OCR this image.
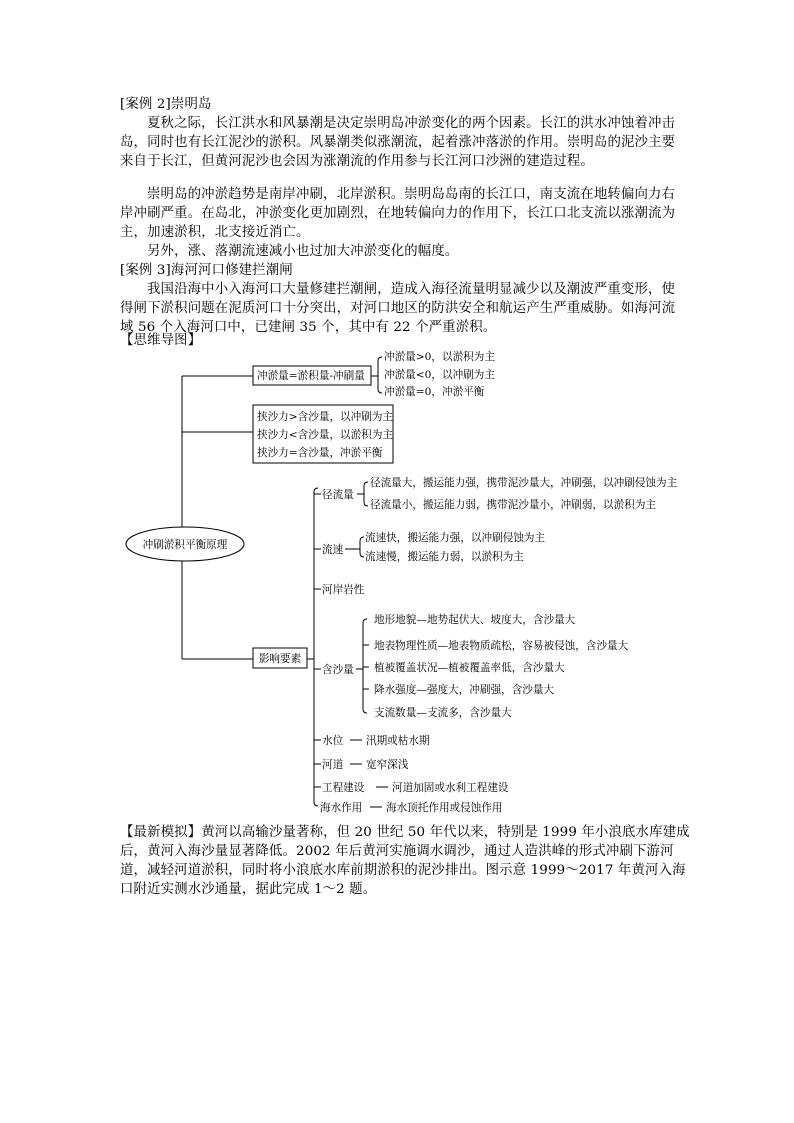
[案例 2]崇明岛

夏秋之际，长江洪水和风暴潮是决定崇明岛冲淤变化的两个因素。长江的洪水冲蚀着冲击岛，同时也有长江泥沙的淤积。风暴潮类似涨潮流，起着涨冲落淤的作用。崇明岛的泥沙主要来自于长江，但黄河泥沙也会因为涨潮流的作用参与长江河口沙洲的建造过程。

崇明岛的冲淤趋势是南岸冲刷，北岸淤积。崇明岛岛南的长江口，南支流在地转偏向力右岸冲刷严重。在岛北，冲淤变化更加剧烈，在地转偏向力的作用下，长江口北支流以涨潮流为主，加速淤积，北支接近消亡。

另外，涨、落潮流速减小也过加大冲淤变化的幅度。

[案例 3]海河河口修建拦潮闸

我国沿海中小入海河口大量修建拦潮闸，造成入海径流量明显减少以及潮波严重变形，使得闸下淤积问题在泥质河口十分突出，对河口地区的防洪安全和航运产生严重威胁。如海河流域 56 个入海河口中，已建闸 35 个，其中有 22 个严重淤积。

【思维导图】

冲刷淤积平衡原理
冲淤量=淤积量-冲刷量
冲淤量>0，以淤积为主
冲淤量<0，以冲刷为主
冲淤量=0，冲淤平衡
挟沙力>含沙量，以冲刷为主
挟沙力<含沙量，以淤积为主
挟沙力=含沙量，冲淤平衡
影响要素
径流量
径流量大，搬运能力强，携带泥沙量大，冲刷强，以冲刷侵蚀为主
径流量小，搬运能力弱，携带泥沙量小，冲刷弱，以淤积为主
流速
流速快，搬运能力强，以冲刷侵蚀为主
流速慢，搬运能力弱，以淤积为主
河岸岩性
含沙量
地形地貌—地势起伏大、坡度大，含沙量大
地表物理性质—地表物质疏松，容易被侵蚀，含沙量大
植被覆盖状况—植被覆盖率低，含沙量大
降水强度—强度大，冲刷强，含沙量大
支流数量—支流多，含沙量大
水位 汛期或枯水期
河道 宽窄深浅
工程建设	河道加固或水利工程建设
海水作用 海水顶托作用或侵蚀作用

【最新模拟】黄河以高输沙量著称，但 20 世纪 50 年代以来，特别是 1999 年小浪底水库建成后，黄河入海沙量显著降低。2002 年后黄河实施调水调沙，通过人造洪峰的形式冲刷下游河道，减轻河道淤积，同时将小浪底水库前期淤积的泥沙排出。图示意 1999～2017 年黄河入海口附近实测水沙通量，据此完成 1～2 题。
